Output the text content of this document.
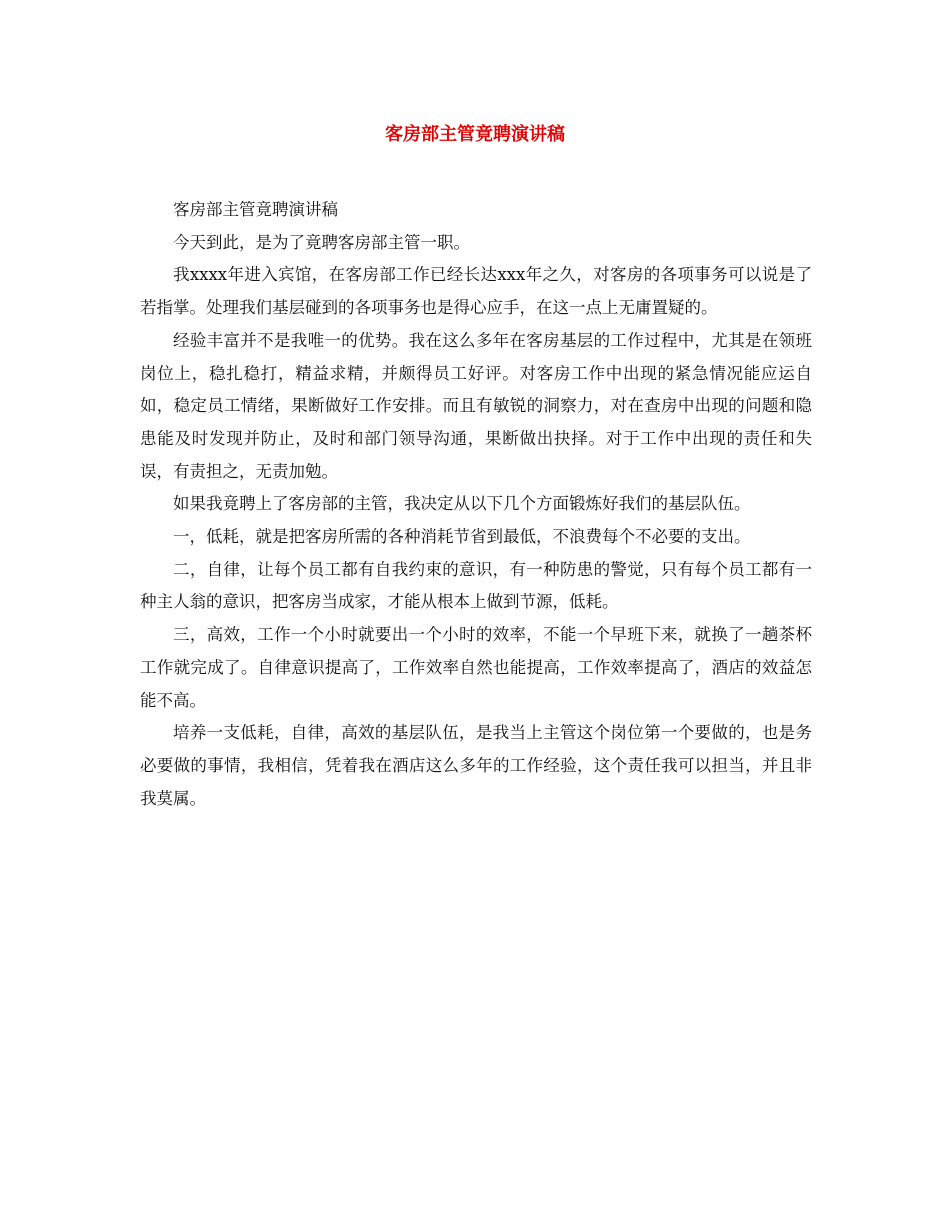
客房部主管竟聘演讲稿

客房部主管竟聘演讲稿

今天到此，是为了竟聘客房部主管一职。

我xxxx年进入宾馆，在客房部工作已经长达xxx年之久，对客房的各项事务可以说是了若指掌。处理我们基层碰到的各项事务也是得心应手，在这一点上无庸置疑的。

经验丰富并不是我唯一的优势。我在这么多年在客房基层的工作过程中，尤其是在领班岗位上，稳扎稳打，精益求精，并颇得员工好评。对客房工作中出现的紧急情况能应运自如，稳定员工情绪，果断做好工作安排。而且有敏锐的洞察力，对在查房中出现的问题和隐患能及时发现并防止，及时和部门领导沟通，果断做出抉择。对于工作中出现的责任和失误，有责担之，无责加勉。

如果我竟聘上了客房部的主管，我决定从以下几个方面锻炼好我们的基层队伍。

一，低耗，就是把客房所需的各种消耗节省到最低，不浪费每个不必要的支出。

二，自律，让每个员工都有自我约束的意识，有一种防患的警觉，只有每个员工都有一种主人翁的意识，把客房当成家，才能从根本上做到节源，低耗。

三，高效，工作一个小时就要出一个小时的效率，不能一个早班下来，就换了一趟茶杯工作就完成了。自律意识提高了，工作效率自然也能提高，工作效率提高了，酒店的效益怎能不高。

培养一支低耗，自律，高效的基层队伍，是我当上主管这个岗位第一个要做的，也是务必要做的事情，我相信，凭着我在酒店这么多年的工作经验，这个责任我可以担当，并且非我莫属。
